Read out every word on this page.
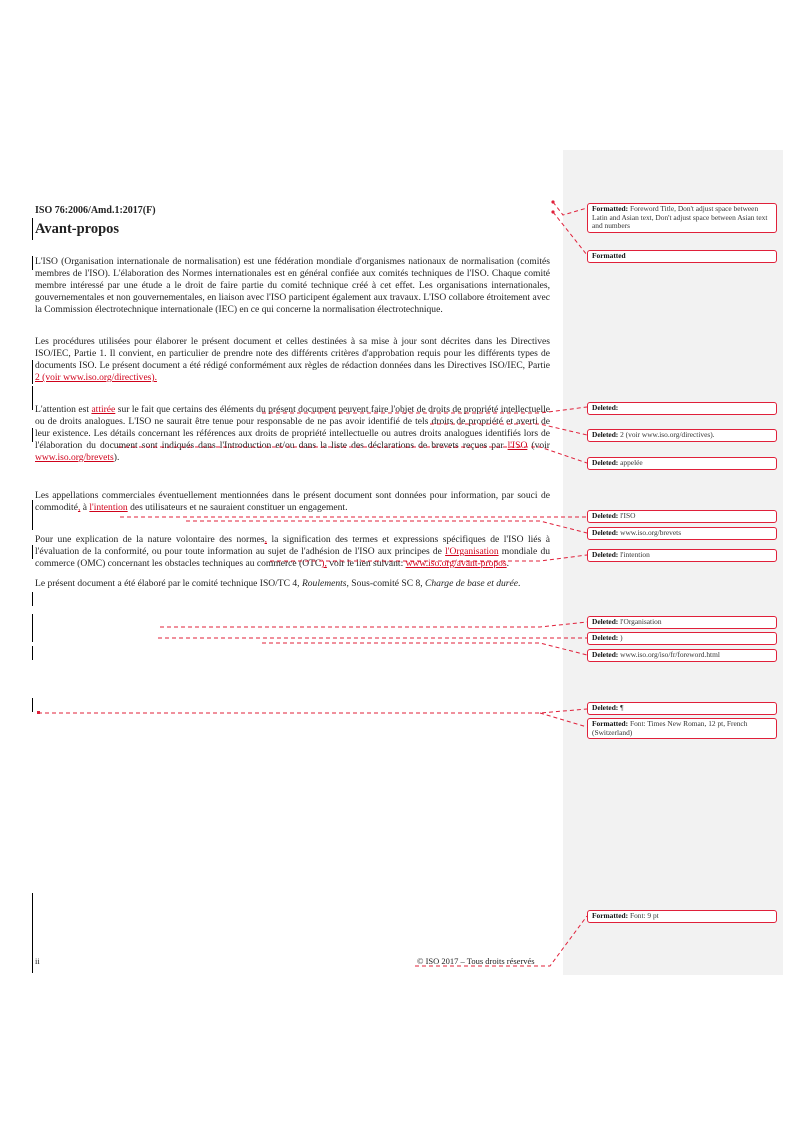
ISO 76:2006/Amd.1:2017(F)
Avant-propos

L'ISO (Organisation internationale de normalisation) est une fédération mondiale d'organismes nationaux de normalisation (comités membres de l'ISO). L'élaboration des Normes internationales est en général confiée aux comités techniques de l'ISO. Chaque comité membre intéressé par une étude a le droit de faire partie du comité technique créé à cet effet. Les organisations internationales, gouvernementales et non gouvernementales, en liaison avec l'ISO participent également aux travaux. L'ISO collabore étroitement avec la Commission électrotechnique internationale (IEC) en ce qui concerne la normalisation électrotechnique.

Les procédures utilisées pour élaborer le présent document et celles destinées à sa mise à jour sont décrites dans les Directives ISO/IEC, Partie 1. Il convient, en particulier de prendre note des différents critères d'approbation requis pour les différents types de documents ISO. Le présent document a été rédigé conformément aux règles de rédaction données dans les Directives ISO/IEC, Partie 2 (voir www.iso.org/directives).

L'attention est attirée sur le fait que certains des éléments du présent document peuvent faire l'objet de droits de propriété intellectuelle ou de droits analogues. L'ISO ne saurait être tenue pour responsable de ne pas avoir identifié de tels droits de propriété et averti de leur existence. Les détails concernant les références aux droits de propriété intellectuelle ou autres droits analogues identifiés lors de l'élaboration du document sont indiqués dans l'Introduction et/ou dans la liste des déclarations de brevets reçues par l'ISO (voir www.iso.org/brevets).

Les appellations commerciales éventuellement mentionnées dans le présent document sont données pour information, par souci de commodité, à l'intention des utilisateurs et ne sauraient constituer un engagement.

Pour une explication de la nature volontaire des normes, la signification des termes et expressions spécifiques de l'ISO liés à l'évaluation de la conformité, ou pour toute information au sujet de l'adhésion de l'ISO aux principes de l'Organisation mondiale du commerce (OMC) concernant les obstacles techniques au commerce (OTC), voir le lien suivant: www.iso.org/avant-propos.

Le présent document a été élaboré par le comité technique ISO/TC 4, Roulements, Sous-comité SC 8, Charge de base et durée.

Formatted: Foreword Title, Don't adjust space between Latin and Asian text, Don't adjust space between Asian text and numbers
Formatted
Deleted:
Deleted: 2 (voir www.iso.org/directives).
Deleted: appelée
Deleted: l'ISO
Deleted: www.iso.org/brevets
Deleted: l'intention
Deleted: l'Organisation
Deleted: )
Deleted: www.iso.org/iso/fr/foreword.html
Deleted: ¶
Formatted: Font: Times New Roman, 12 pt, French (Switzerland)
Formatted: Font: 9 pt
ii	© ISO 2017 – Tous droits réservés
